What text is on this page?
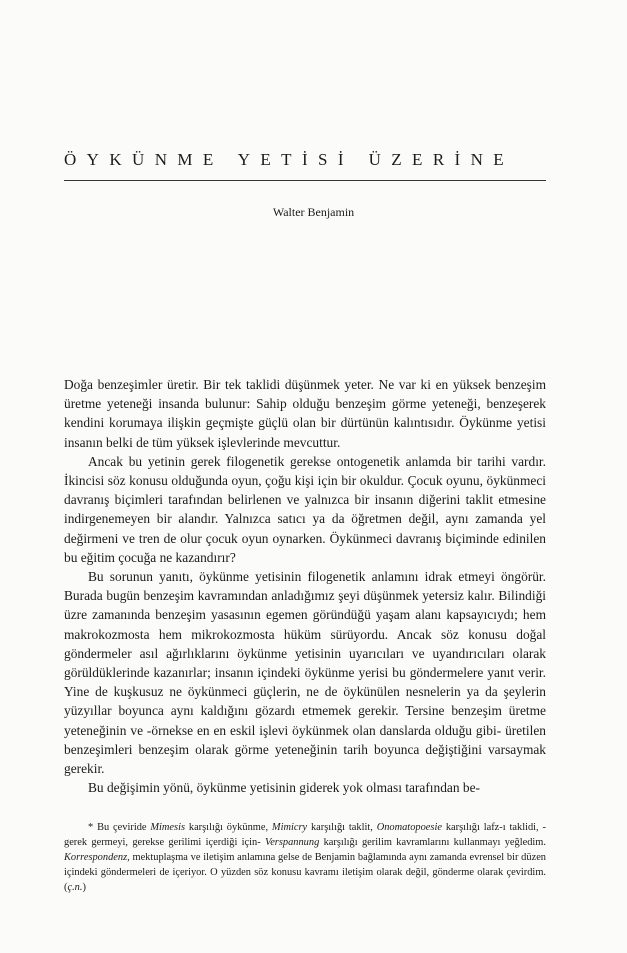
ÖYKÜNME YETİSİ ÜZERİNE
Walter Benjamin

Doğa benzeşimler üretir. Bir tek taklidi düşünmek yeter. Ne var ki en yüksek benzeşim üretme yeteneği insanda bulunur: Sahip olduğu benzeşim görme yeteneği, benzeşerek kendini korumaya ilişkin geçmişte güçlü olan bir dürtünün kalıntısıdır. Öykünme yetisi insanın belki de tüm yüksek işlevlerinde mevcuttur.

Ancak bu yetinin gerek filogenetik gerekse ontogenetik anlamda bir tarihi vardır. İkincisi söz konusu olduğunda oyun, çoğu kişi için bir okuldur. Çocuk oyunu, öykünmeci davranış biçimleri tarafından belirlenen ve yalnızca bir insanın diğerini taklit etmesine indirgenemeyen bir alandır. Yalnızca satıcı ya da öğretmen değil, aynı zamanda yel değirmeni ve tren de olur çocuk oyun oynarken. Öykünmeci davranış biçiminde edinilen bu eğitim çocuğa ne kazandırır?

Bu sorunun yanıtı, öykünme yetisinin filogenetik anlamını idrak etmeyi öngörür. Burada bugün benzeşim kavramından anladığımız şeyi düşünmek yetersiz kalır. Bilindiği üzre zamanında benzeşim yasasının egemen göründüğü yaşam alanı kapsayıcıydı; hem makrokozmosta hem mikrokozmosta hüküm sürüyordu. Ancak söz konusu doğal göndermeler asıl ağırlıklarını öykünme yetisinin uyarıcıları ve uyandırıcıları olarak görüldüklerinde kazanırlar; insanın içindeki öykünme yerisi bu göndermelere yanıt verir. Yine de kuşkusuz ne öykünmeci güçlerin, ne de öykünülen nesnelerin ya da şeylerin yüzyıllar boyunca aynı kaldığını gözardı etmemek gerekir. Tersine benzeşim üretme yeteneğinin ve -örnekse en en eskil işlevi öykünmek olan danslarda olduğu gibi- üretilen benzeşimleri benzeşim olarak görme yeteneğinin tarih boyunca değiştiğini varsaymak gerekir.

Bu değişimin yönü, öykünme yetisinin giderek yok olması tarafından be-

* Bu çeviride Mimesis karşılığı öykünme, Mimicry karşılığı taklit, Onomatopoesie karşılığı lafz-ı taklidi, -gerek germeyi, gerekse gerilimi içerdiği için- Verspannung karşılığı gerilim kavramlarını kullanmayı yeğledim. Korrespondenz, mektuplaşma ve iletişim anlamına gelse de Benjamin bağlamında aynı zamanda evrensel bir düzen içindeki göndermeleri de içeriyor. O yüzden söz konusu kavramı iletişim olarak değil, gönderme olarak çevirdim. (ç.n.)
